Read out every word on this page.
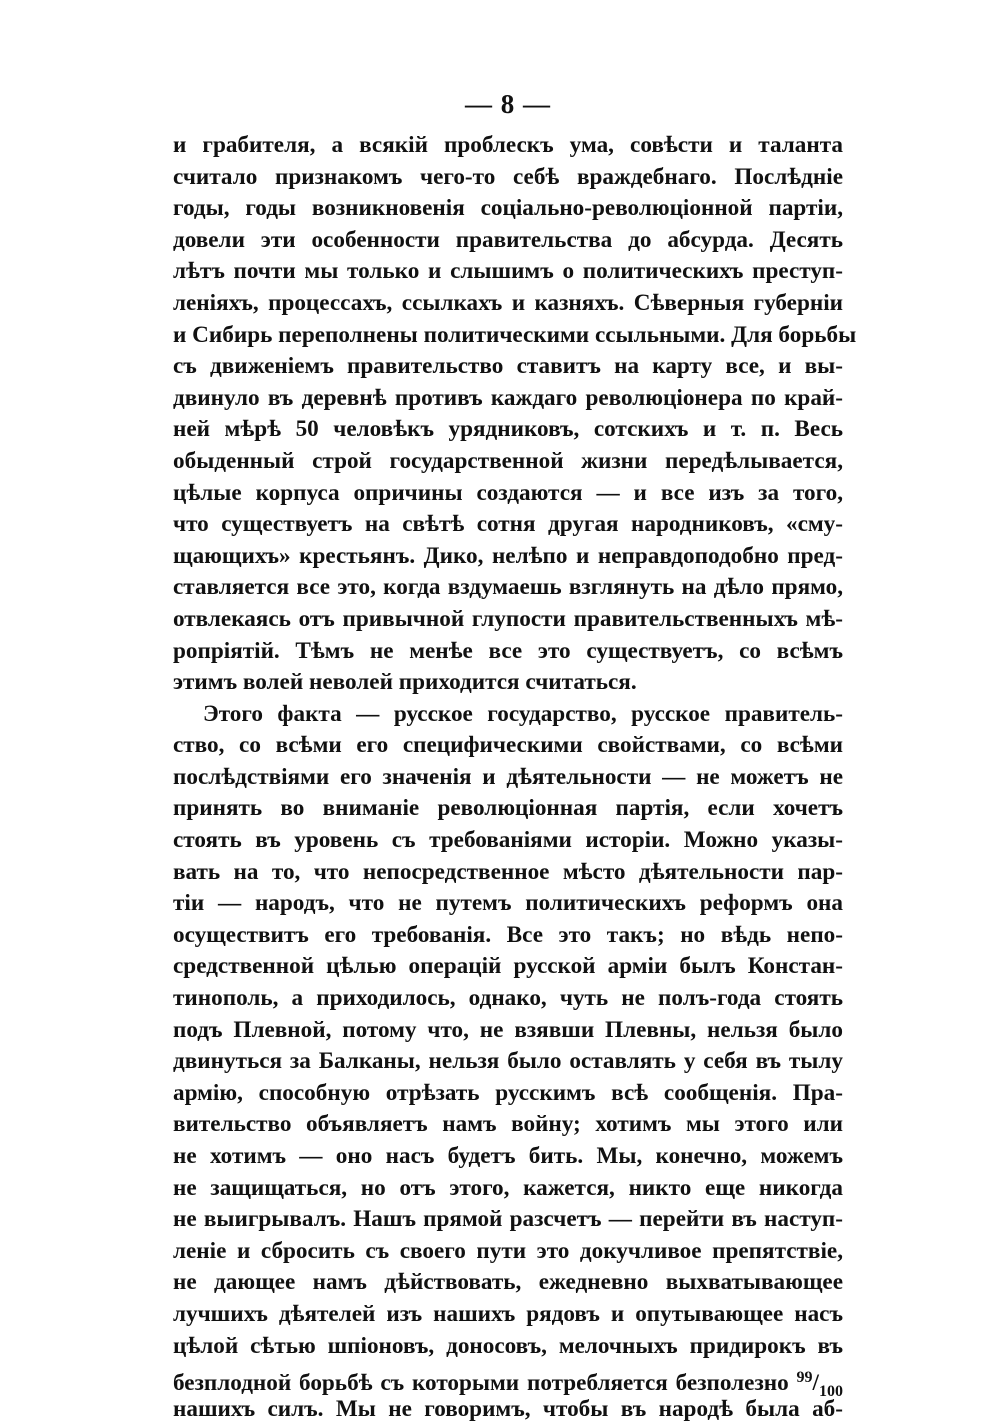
— 8 —
и грабителя, а всякій проблескъ ума, совѣсти и таланта
считало признакомъ чего-то себѣ враждебнаго. Послѣдніе
годы, годы возникновенія соціально-революціонной партіи,
довели эти особенности правительства до абсурда. Десять
лѣтъ почти мы только и слышимъ о политическихъ преступ-
леніяхъ, процессахъ, ссылкахъ и казняхъ. Сѣверныя губерніи
и Сибирь переполнены политическими ссыльными. Для борьбы
съ движеніемъ правительство ставитъ на карту все, и вы-
двинуло въ деревнѣ противъ каждаго революціонера по край-
ней мѣрѣ 50 человѣкъ урядниковъ, сотскихъ и т. п. Весь
обыденный строй государственной жизни передѣлывается,
цѣлые корпуса опричины создаются — и все изъ за того,
что существуетъ на свѣтѣ сотня другая народниковъ, «сму-
щающихъ» крестьянъ. Дико, нелѣпо и неправдоподобно пред-
ставляется все это, когда вздумаешь взглянуть на дѣло прямо,
отвлекаясь отъ привычной глупости правительственныхъ мѣ-
ропріятій. Тѣмъ не менѣе все это существуетъ, со всѣмъ
этимъ волей неволей приходится считаться.
Этого факта — русское государство, русское правитель-
ство, со всѣми его специфическими свойствами, со всѣми
послѣдствіями его значенія и дѣятельности — не можетъ не
принять во вниманіе революціонная партія, если хочетъ
стоять въ уровень съ требованіями исторіи. Можно указы-
вать на то, что непосредственное мѣсто дѣятельности пар-
тіи — народъ, что не путемъ политическихъ реформъ она
осуществитъ его требованія. Все это такъ; но вѣдь непо-
средственной цѣлью операцій русской арміи былъ Констан-
тинополь, а приходилось, однако, чуть не полъ-года стоять
подъ Плевной, потому что, не взявши Плевны, нельзя было
двинуться за Балканы, нельзя было оставлять у себя въ тылу
армію, способную отрѣзать русскимъ всѣ сообщенія. Пра-
вительство объявляетъ намъ войну; хотимъ мы этого или
не хотимъ — оно насъ будетъ бить. Мы, конечно, можемъ
не защищаться, но отъ этого, кажется, никто еще никогда
не выигрывалъ. Нашъ прямой разсчетъ — перейти въ наступ-
леніе и сбросить съ своего пути это докучливое препятствіе,
не дающее намъ дѣйствовать, ежедневно выхватывающее
лучшихъ дѣятелей изъ нашихъ рядовъ и опутывающее насъ
цѣлой сѣтью шпіоновъ, доносовъ, мелочныхъ придирокъ въ
безплодной борьбѣ съ которыми потребляется безполезно $^{99}/_{100}$
нашихъ силъ. Мы не говоримъ, чтобы въ народѣ была аб-
